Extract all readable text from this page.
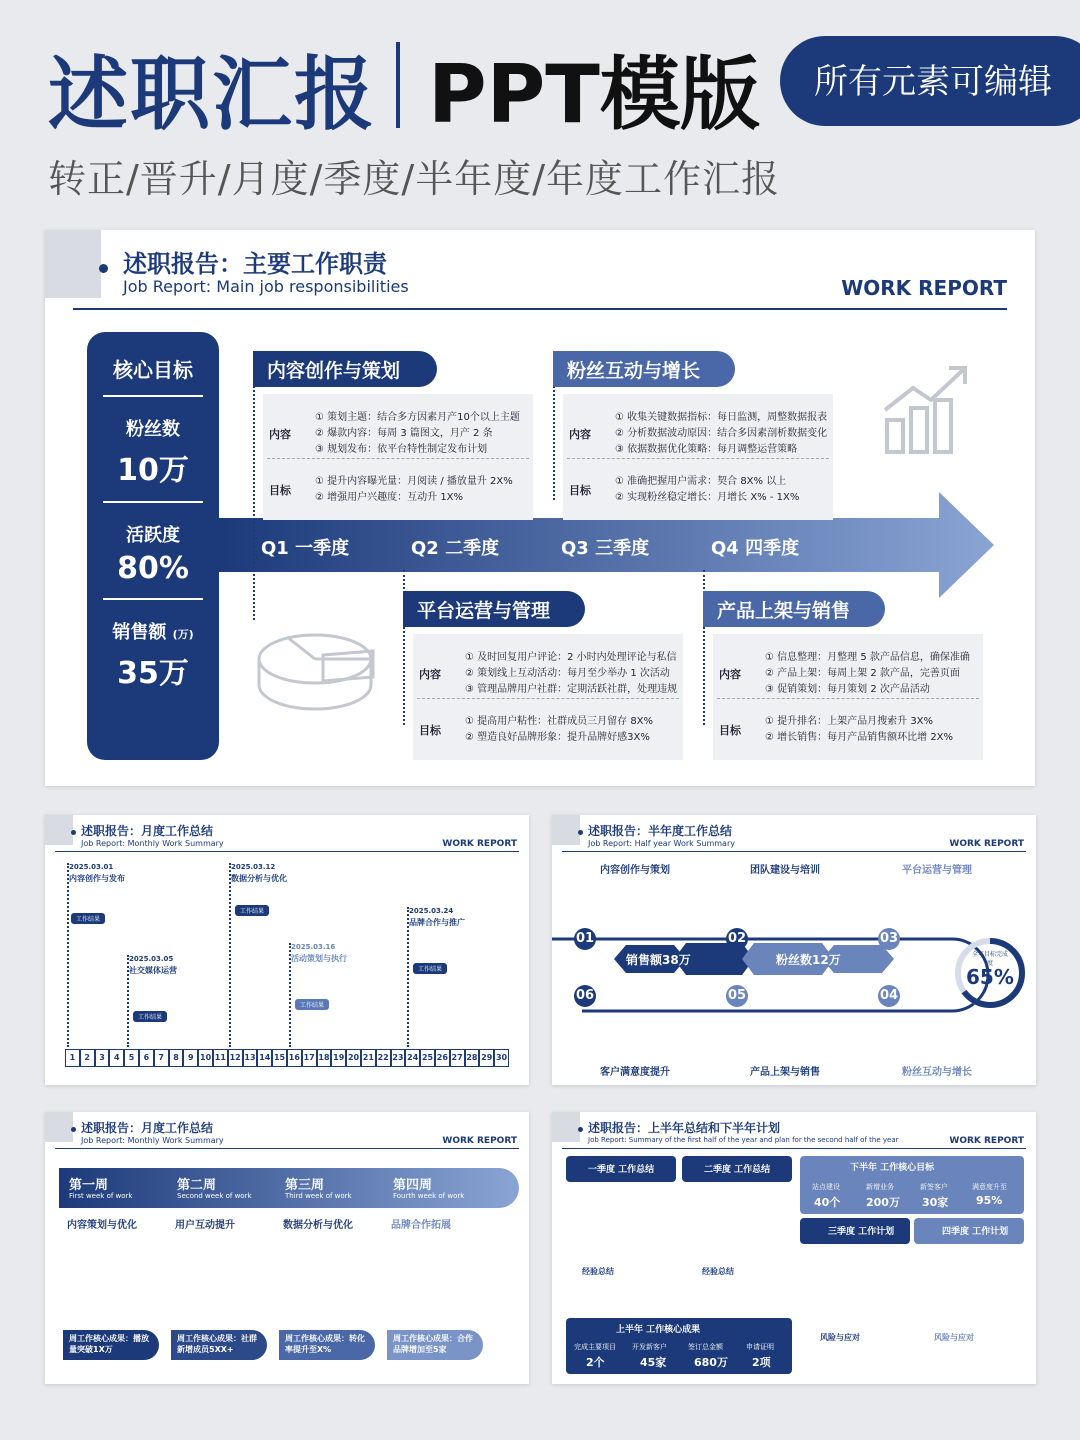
述职汇报 PPT模版	所有元素可编辑
转正/晋升/月度/季度/半年度/年度工作汇报
述职报告：主要工作职责
Job Report: Main job responsibilities	WORK REPORT
核心目标
粉丝数
10万
活跃度
80%
销售额 (万)
35万
Q1 一季度	Q2 二季度	Q3 三季度	Q4 四季度
内容创作与策划
内容
① 策划主题：结合多方因素月产10个以上主题
② 爆款内容：每周 3 篇图文，月产 2 条
③ 规划发布：依平台特性制定发布计划
目标
① 提升内容曝光量：月阅读 / 播放量升 2X%
② 增强用户兴趣度：互动升 1X%
粉丝互动与增长
内容
① 收集关键数据指标：每日监测，周整数据报表
② 分析数据波动原因：结合多因素剖析数据变化
③ 依据数据优化策略：每月调整运营策略
目标
① 准确把握用户需求：契合 8X% 以上
② 实现粉丝稳定增长：月增长 X% - 1X%
平台运营与管理
内容
① 及时回复用户评论：2 小时内处理评论与私信
② 策划线上互动活动：每月至少举办 1 次活动
③ 管理品牌用户社群：定期活跃社群，处理违规
目标
① 提高用户粘性：社群成员三月留存 8X%
② 塑造良好品牌形象：提升品牌好感3X%
产品上架与销售
内容
① 信息整理：月整理 5 款产品信息，确保准确
② 产品上架：每周上架 2 款产品，完善页面
③ 促销策划：每月策划 2 次产品活动
目标
① 提升排名：上架产品月搜索升 3X%
② 增长销售：每月产品销售额环比增 2X%
述职报告：月度工作总结
Job Report: Monthly Work Summary	WORK REPORT
2025.03.01
内容创作与发布
工作结果
2025.03.12
数据分析与优化
工作结果	2025.03.24
品牌合作与推广
工作结果
2025.03.05
社交媒体运营
工作结果
2025.03.16
活动策划与执行
工作结果
1	2	3	4	5	6	7	8	9 10 11 12 13 14 15 16 17 18 19 20 21 22 23 24 25 26 27 28 29 30
述职报告：半年度工作总结
Job Report: Half year Work Summary	WORK REPORT
01	02	03
04
05
06
销售额38万	粉丝数12万
完成度	57%	完成度	60%
全年目标完成度
65%
内容创作与策划	团队建设与培训	平台运营与管理
客户满意度提升	产品上架与销售	粉丝互动与增长
述职报告：月度工作总结
Job Report: Monthly Work Summary	WORK REPORT
第一周
First week of work
第二周
Second week of work
第三周
Third week of work
第四周
Fourth week of work
内容策划与优化	用户互动提升	数据分析与优化	品牌合作拓展
周工作核心成果：播放量突破1X万
周工作核心成果：社群新增成员5XX+
周工作核心成果：转化率提升至X%
周工作核心成果：合作品牌增加至5家
述职报告：上半年总结和下半年计划
Job Report: Summary of the first half of the year and plan for the second half of the year	WORK REPORT
一季度 工作总结	二季度 工作总结	下半年 工作核心目标
站点建设
40个
新增业务
200万
新签客户
30家
满意度升至
95%
经验总结	经验总结
三季度 工作计划	四季度 工作计划
风险与应对	风险与应对
上半年 工作核心成果
完成主要项目
2个
开发新客户
45家
签订总金额
680万
申请证明
2项
